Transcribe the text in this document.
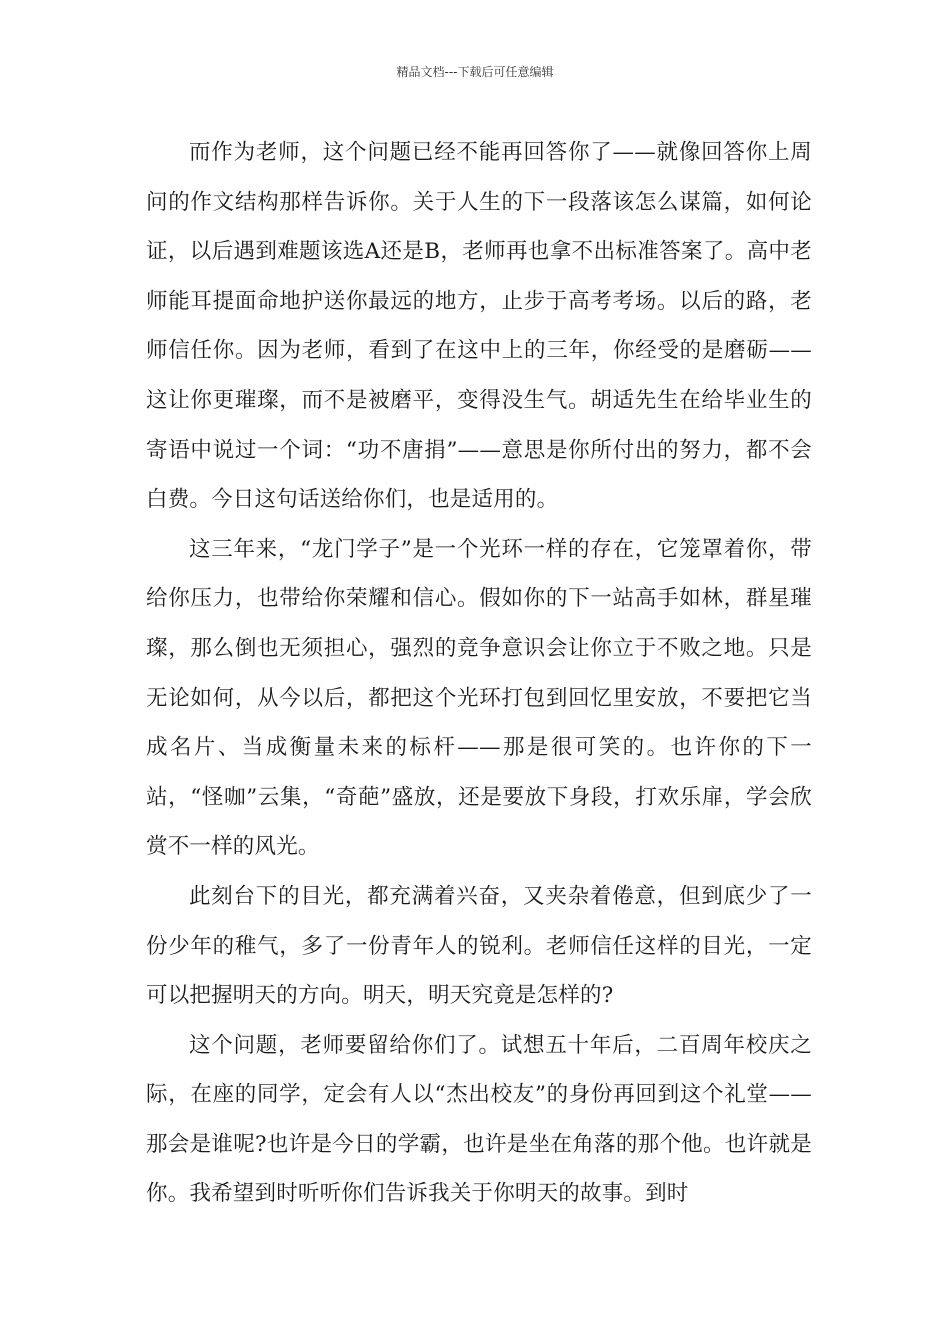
精品文档---下载后可任意编辑

而作为老师，这个问题已经不能再回答你了——就像回答你上周问的作文结构那样告诉你。关于人生的下一段落该怎么谋篇，如何论证，以后遇到难题该选A还是B，老师再也拿不出标准答案了。高中老师能耳提面命地护送你最远的地方，止步于高考考场。以后的路，老师信任你。因为老师，看到了在这中上的三年，你经受的是磨砺——这让你更璀璨，而不是被磨平，变得没生气。胡适先生在给毕业生的寄语中说过一个词：“功不唐捐”——意思是你所付出的努力，都不会白费。今日这句话送给你们，也是适用的。

这三年来，“龙门学子”是一个光环一样的存在，它笼罩着你，带给你压力，也带给你荣耀和信心。假如你的下一站高手如林，群星璀璨，那么倒也无须担心，强烈的竞争意识会让你立于不败之地。只是无论如何，从今以后，都把这个光环打包到回忆里安放，不要把它当成名片、当成衡量未来的标杆——那是很可笑的。也许你的下一站，“怪咖”云集，“奇葩”盛放，还是要放下身段，打欢乐扉，学会欣赏不一样的风光。

此刻台下的目光，都充满着兴奋，又夹杂着倦意，但到底少了一份少年的稚气，多了一份青年人的锐利。老师信任这样的目光，一定可以把握明天的方向。明天，明天究竟是怎样的?

这个问题，老师要留给你们了。试想五十年后，二百周年校庆之际，在座的同学，定会有人以“杰出校友”的身份再回到这个礼堂——那会是谁呢?也许是今日的学霸，也许是坐在角落的那个他。也许就是你。我希望到时听听你们告诉我关于你明天的故事。到时
